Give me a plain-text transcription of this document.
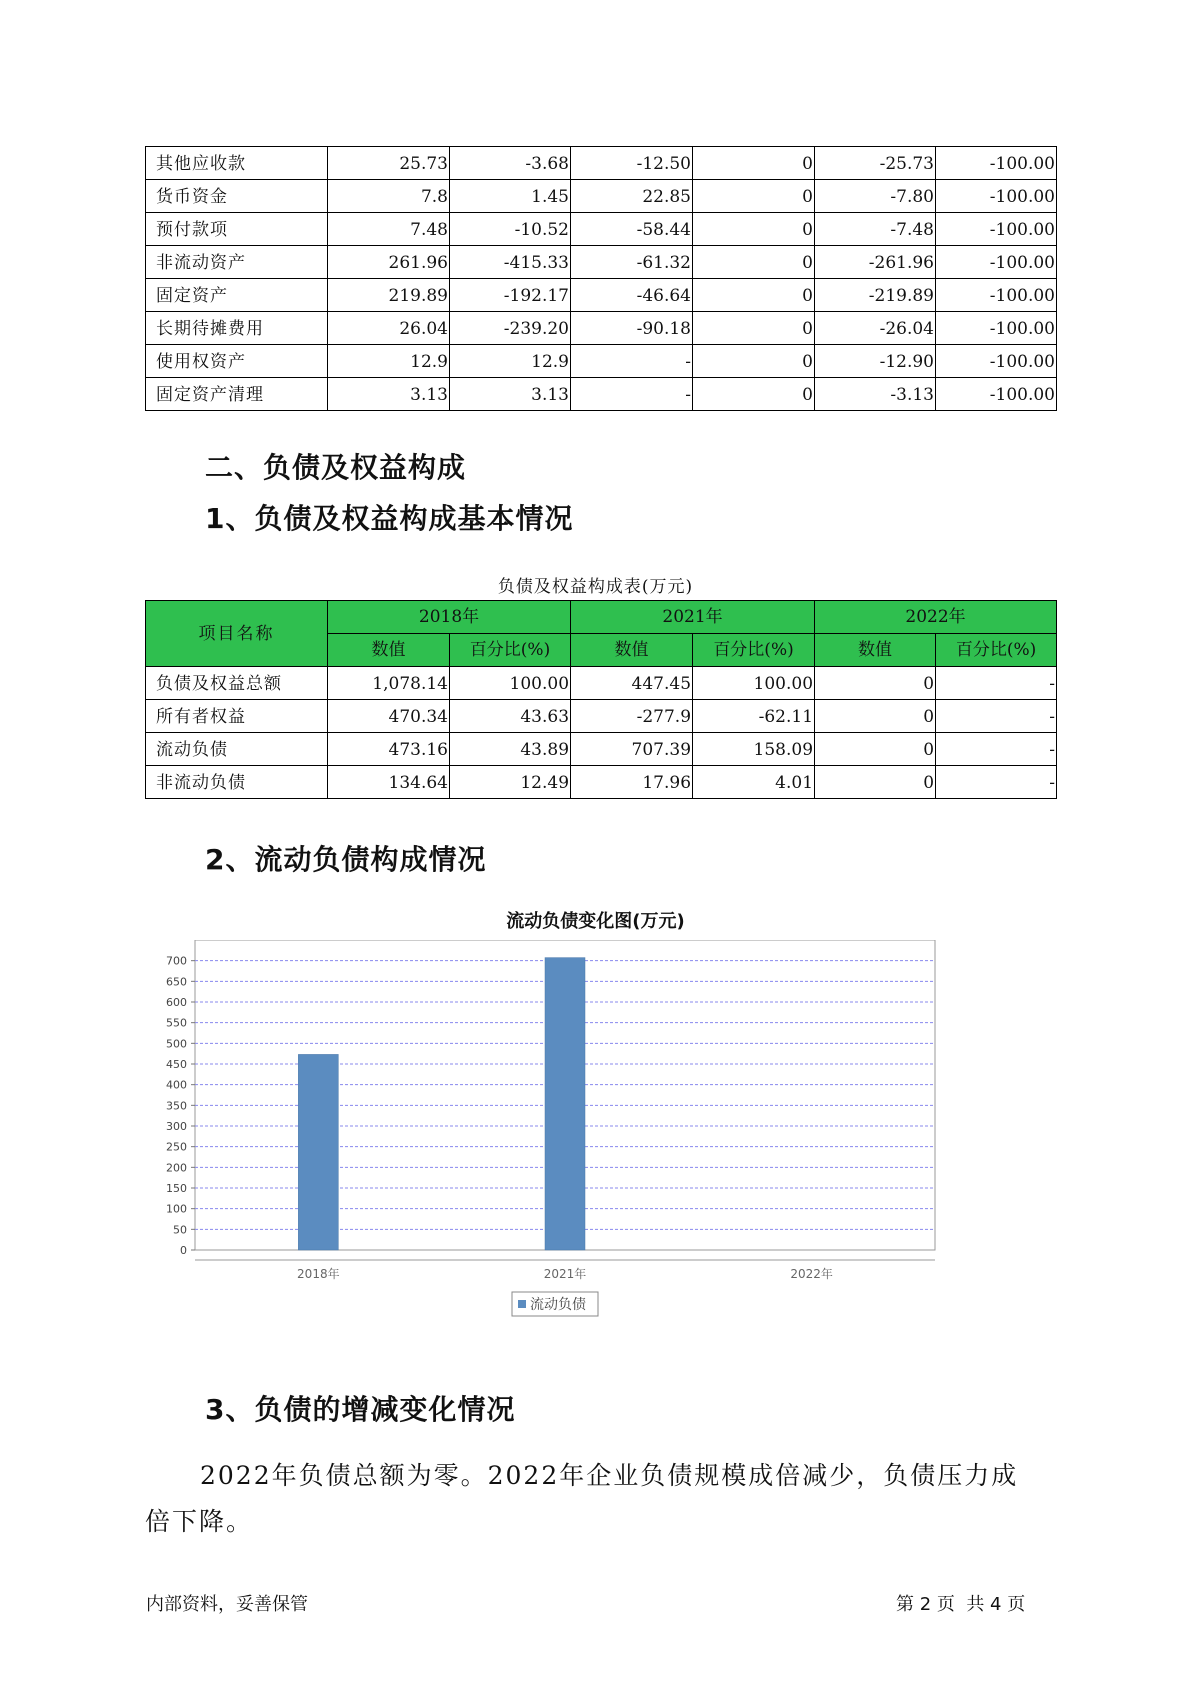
其他应收款	25.73	-3.68	-12.50	0	-25.73	-100.00
货币资金	7.8	1.45	22.85	0	-7.80	-100.00
预付款项	7.48	-10.52	-58.44	0	-7.48	-100.00
非流动资产	261.96	-415.33	-61.32	0	-261.96	-100.00
固定资产	219.89	-192.17	-46.64	0	-219.89	-100.00
长期待摊费用	26.04	-239.20	-90.18	0	-26.04	-100.00
使用权资产	12.9	12.9	-	0	-12.90	-100.00
固定资产清理	3.13	3.13	-	0	-3.13	-100.00
二、负债及权益构成
1、负债及权益构成基本情况
负债及权益构成表(万元)
项目名称	2018年		2021年		2022年	
	数值	百分比(%)	数值	百分比(%)	数值	百分比(%)
负债及权益总额	1,078.14	100.00	447.45	100.00	0	-
所有者权益	470.34	43.63	-277.9	-62.11	0	-
流动负债	473.16	43.89	707.39	158.09	0	-
非流动负债	134.64	12.49	17.96	4.01	0	-
2、流动负债构成情况
流动负债变化图(万元)
0
50
100
150
200
250
300
350
400
450
500
550
600
650
700
2018年	2021年	2022年
流动负债
3、负债的增减变化情况

2022年负债总额为零。2022年企业负债规模成倍减少，负债压力成倍下降。

内部资料，妥善保管	第 2 页  共 4 页
